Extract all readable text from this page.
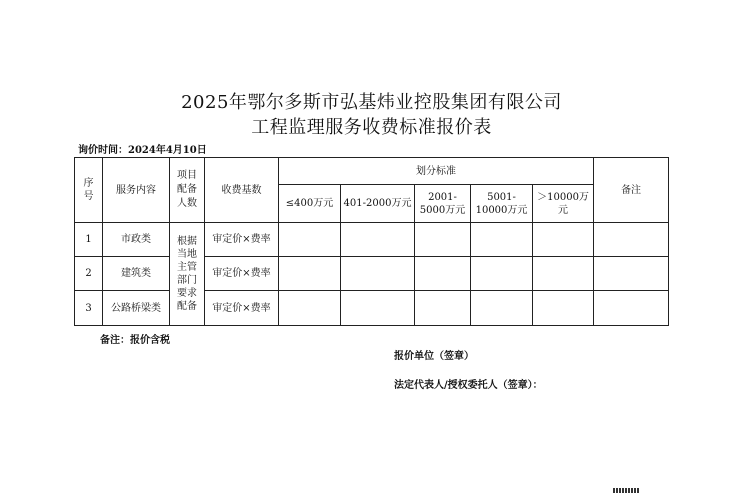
2025年鄂尔多斯市弘基炜业控股集团有限公司
工程监理服务收费标准报价表
询价时间：2024年4月10日
序号	服务内容	项目配备人数	收费基数	划分标准					备注

				≤400万元	401-2000万元	2001-5000万元	5001-10000万元	＞10000万元	

1	市政类	根据当地主管部门要求配备	审定价×费率						
2	建筑类		审定价×费率						
3	公路桥梁类		审定价×费率						
备注：报价含税
报价单位（签章）
法定代表人/授权委托人（签章）：
